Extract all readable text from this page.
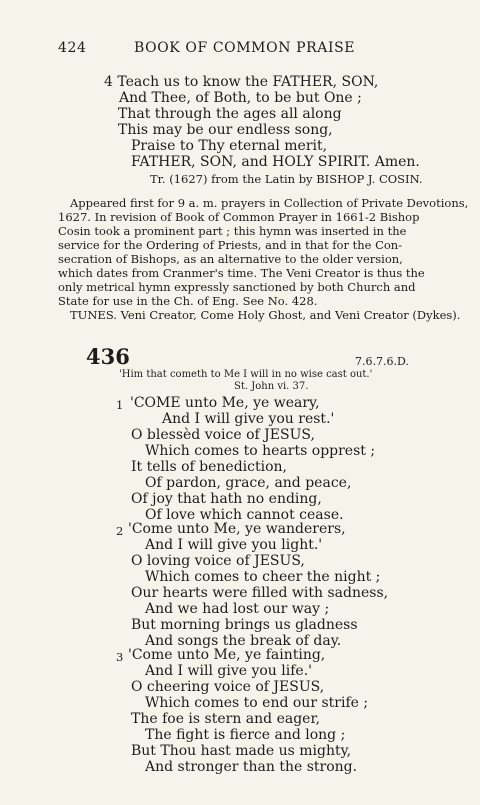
424	BOOK OF COMMON PRAISE
4 Teach us to know the FATHER, SON,
And Thee, of Both, to be but One ;
That through the ages all along
This may be our endless song,
Praise to Thy eternal merit,
FATHER, SON, and HOLY SPIRIT. Amen.
Tr. (1627) from the Latin by BISHOP J. COSIN.
Appeared first for 9 a. m. prayers in Collection of Private Devotions,
1627. In revision of Book of Common Prayer in 1661-2 Bishop
Cosin took a prominent part ; this hymn was inserted in the
service for the Ordering of Priests, and in that for the Con-
secration of Bishops, as an alternative to the older version,
which dates from Cranmer's time. The Veni Creator is thus the
only metrical hymn expressly sanctioned by both Church and
State for use in the Ch. of Eng. See No. 428.
TUNES. Veni Creator, Come Holy Ghost, and Veni Creator (Dykes).
436	7.6.7.6.D.
'Him that cometh to Me I will in no wise cast out.'
St. John vi. 37.
1 'COME unto Me, ye weary,
And I will give you rest.'
O blessèd voice of JESUS,
Which comes to hearts opprest ;
It tells of benediction,
Of pardon, grace, and peace,
Of joy that hath no ending,
Of love which cannot cease.
2 'Come unto Me, ye wanderers,
And I will give you light.'
O loving voice of JESUS,
Which comes to cheer the night ;
Our hearts were filled with sadness,
And we had lost our way ;
But morning brings us gladness
And songs the break of day.
3 'Come unto Me, ye fainting,
And I will give you life.'
O cheering voice of JESUS,
Which comes to end our strife ;
The foe is stern and eager,
The fight is fierce and long ;
But Thou hast made us mighty,
And stronger than the strong.
